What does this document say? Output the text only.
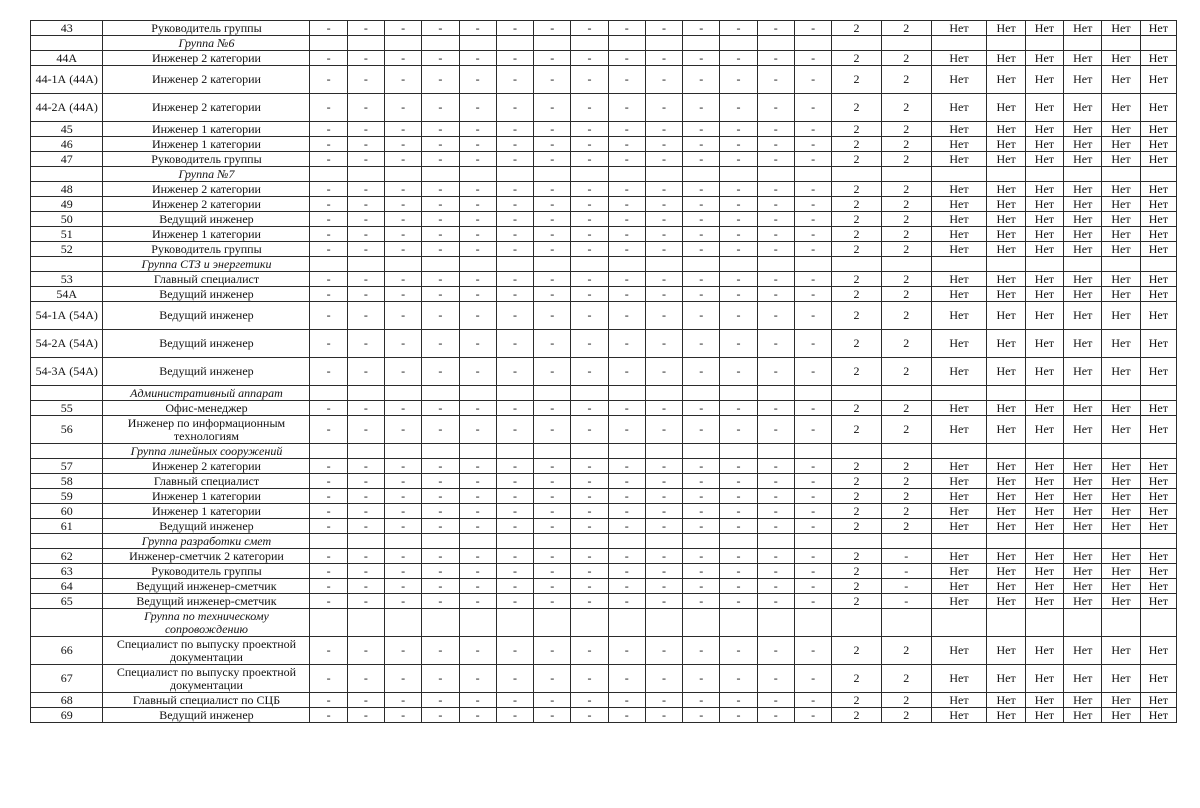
43	Руководитель группы	-	-	-	-	-	-	-	-	-	-	-	-	-	-	2	2	Нет	Нет	Нет	Нет	Нет	Нет
	Группа №6																						
44А	Инженер 2 категории	-	-	-	-	-	-	-	-	-	-	-	-	-	-	2	2	Нет	Нет	Нет	Нет	Нет	Нет
44-1А (44А)	Инженер 2 категории	-	-	-	-	-	-	-	-	-	-	-	-	-	-	2	2	Нет	Нет	Нет	Нет	Нет	Нет
44-2А (44А)	Инженер 2 категории	-	-	-	-	-	-	-	-	-	-	-	-	-	-	2	2	Нет	Нет	Нет	Нет	Нет	Нет
45	Инженер 1 категории	-	-	-	-	-	-	-	-	-	-	-	-	-	-	2	2	Нет	Нет	Нет	Нет	Нет	Нет
46	Инженер 1 категории	-	-	-	-	-	-	-	-	-	-	-	-	-	-	2	2	Нет	Нет	Нет	Нет	Нет	Нет
47	Руководитель группы	-	-	-	-	-	-	-	-	-	-	-	-	-	-	2	2	Нет	Нет	Нет	Нет	Нет	Нет
	Группа №7																						
48	Инженер 2 категории	-	-	-	-	-	-	-	-	-	-	-	-	-	-	2	2	Нет	Нет	Нет	Нет	Нет	Нет
49	Инженер 2 категории	-	-	-	-	-	-	-	-	-	-	-	-	-	-	2	2	Нет	Нет	Нет	Нет	Нет	Нет
50	Ведущий инженер	-	-	-	-	-	-	-	-	-	-	-	-	-	-	2	2	Нет	Нет	Нет	Нет	Нет	Нет
51	Инженер 1 категории	-	-	-	-	-	-	-	-	-	-	-	-	-	-	2	2	Нет	Нет	Нет	Нет	Нет	Нет
52	Руководитель группы	-	-	-	-	-	-	-	-	-	-	-	-	-	-	2	2	Нет	Нет	Нет	Нет	Нет	Нет
	Группа СТЗ и энергетики																						
53	Главный специалист	-	-	-	-	-	-	-	-	-	-	-	-	-	-	2	2	Нет	Нет	Нет	Нет	Нет	Нет
54А	Ведущий инженер	-	-	-	-	-	-	-	-	-	-	-	-	-	-	2	2	Нет	Нет	Нет	Нет	Нет	Нет
54-1А (54А)	Ведущий инженер	-	-	-	-	-	-	-	-	-	-	-	-	-	-	2	2	Нет	Нет	Нет	Нет	Нет	Нет
54-2А (54А)	Ведущий инженер	-	-	-	-	-	-	-	-	-	-	-	-	-	-	2	2	Нет	Нет	Нет	Нет	Нет	Нет
54-3А (54А)	Ведущий инженер	-	-	-	-	-	-	-	-	-	-	-	-	-	-	2	2	Нет	Нет	Нет	Нет	Нет	Нет
	Административный аппарат																						
55	Офис-менеджер	-	-	-	-	-	-	-	-	-	-	-	-	-	-	2	2	Нет	Нет	Нет	Нет	Нет	Нет
56	Инженер по информационным технологиям	-	-	-	-	-	-	-	-	-	-	-	-	-	-	2	2	Нет	Нет	Нет	Нет	Нет	Нет
	Группа линейных сооружений																						
57	Инженер 2 категории	-	-	-	-	-	-	-	-	-	-	-	-	-	-	2	2	Нет	Нет	Нет	Нет	Нет	Нет
58	Главный специалист	-	-	-	-	-	-	-	-	-	-	-	-	-	-	2	2	Нет	Нет	Нет	Нет	Нет	Нет
59	Инженер 1 категории	-	-	-	-	-	-	-	-	-	-	-	-	-	-	2	2	Нет	Нет	Нет	Нет	Нет	Нет
60	Инженер 1 категории	-	-	-	-	-	-	-	-	-	-	-	-	-	-	2	2	Нет	Нет	Нет	Нет	Нет	Нет
61	Ведущий инженер	-	-	-	-	-	-	-	-	-	-	-	-	-	-	2	2	Нет	Нет	Нет	Нет	Нет	Нет
	Группа разработки смет																						
62	Инженер-сметчик 2 категории	-	-	-	-	-	-	-	-	-	-	-	-	-	-	2	-	Нет	Нет	Нет	Нет	Нет	Нет
63	Руководитель группы	-	-	-	-	-	-	-	-	-	-	-	-	-	-	2	-	Нет	Нет	Нет	Нет	Нет	Нет
64	Ведущий инженер-сметчик	-	-	-	-	-	-	-	-	-	-	-	-	-	-	2	-	Нет	Нет	Нет	Нет	Нет	Нет
65	Ведущий инженер-сметчик	-	-	-	-	-	-	-	-	-	-	-	-	-	-	2	-	Нет	Нет	Нет	Нет	Нет	Нет
	Группа по техническому сопровождению																						
66	Специалист по выпуску проектной документации	-	-	-	-	-	-	-	-	-	-	-	-	-	-	2	2	Нет	Нет	Нет	Нет	Нет	Нет
67	Специалист по выпуску проектной документации	-	-	-	-	-	-	-	-	-	-	-	-	-	-	2	2	Нет	Нет	Нет	Нет	Нет	Нет
68	Главный специалист по СЦБ	-	-	-	-	-	-	-	-	-	-	-	-	-	-	2	2	Нет	Нет	Нет	Нет	Нет	Нет
69	Ведущий инженер	-	-	-	-	-	-	-	-	-	-	-	-	-	-	2	2	Нет	Нет	Нет	Нет	Нет	Нет
